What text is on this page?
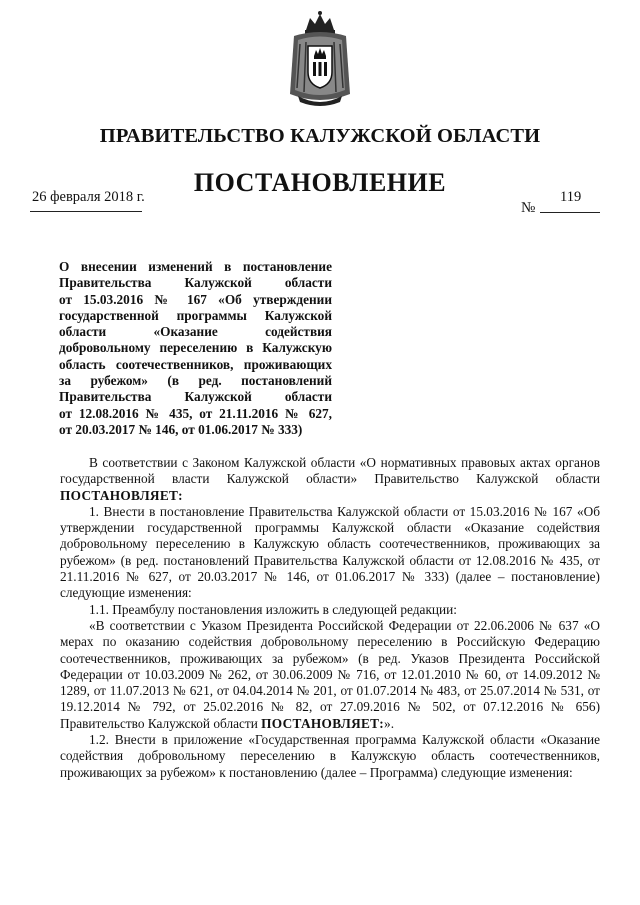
ПРАВИТЕЛЬСТВО КАЛУЖСКОЙ ОБЛАСТИ
ПОСТАНОВЛЕНИЕ
26 февраля 2018 г.
№
119
О внесении изменений в постановление
Правительства Калужской области
от 15.03.2016 № 167 «Об утверждении
государственной программы Калужской
области «Оказание содействия
добровольному переселению в Калужскую
область соотечественников, проживающих
за рубежом» (в ред. постановлений
Правительства Калужской области
от 12.08.2016 № 435, от 21.11.2016 № 627,
от 20.03.2017 № 146, от 01.06.2017 № 333)

В соответствии с Законом Калужской области «О нормативных правовых актах органов государственной власти Калужской области» Правительство Калужской области ПОСТАНОВЛЯЕТ:

1. Внести в постановление Правительства Калужской области от 15.03.2016 № 167 «Об утверждении государственной программы Калужской области «Оказание содействия добровольному переселению в Калужскую область соотечественников, проживающих за рубежом» (в ред. постановлений Правительства Калужской области от 12.08.2016 № 435, от 21.11.2016 № 627, от 20.03.2017 № 146, от 01.06.2017 № 333) (далее – постановление) следующие изменения:

1.1. Преамбулу постановления изложить в следующей редакции:

«В соответствии с Указом Президента Российской Федерации от 22.06.2006 № 637 «О мерах по оказанию содействия добровольному переселению в Российскую Федерацию соотечественников, проживающих за рубежом» (в ред. Указов Президента Российской Федерации от 10.03.2009 № 262, от 30.06.2009 № 716, от 12.01.2010 № 60, от 14.09.2012 № 1289, от 11.07.2013 № 621, от 04.04.2014 № 201, от 01.07.2014 № 483, от 25.07.2014 № 531, от 19.12.2014 № 792, от 25.02.2016 № 82, от 27.09.2016 № 502, от 07.12.2016 № 656) Правительство Калужской области ПОСТАНОВЛЯЕТ:».

1.2. Внести в приложение «Государственная программа Калужской области «Оказание содействия добровольному переселению в Калужскую область соотечественников, проживающих за рубежом» к постановлению (далее – Программа) следующие изменения:
